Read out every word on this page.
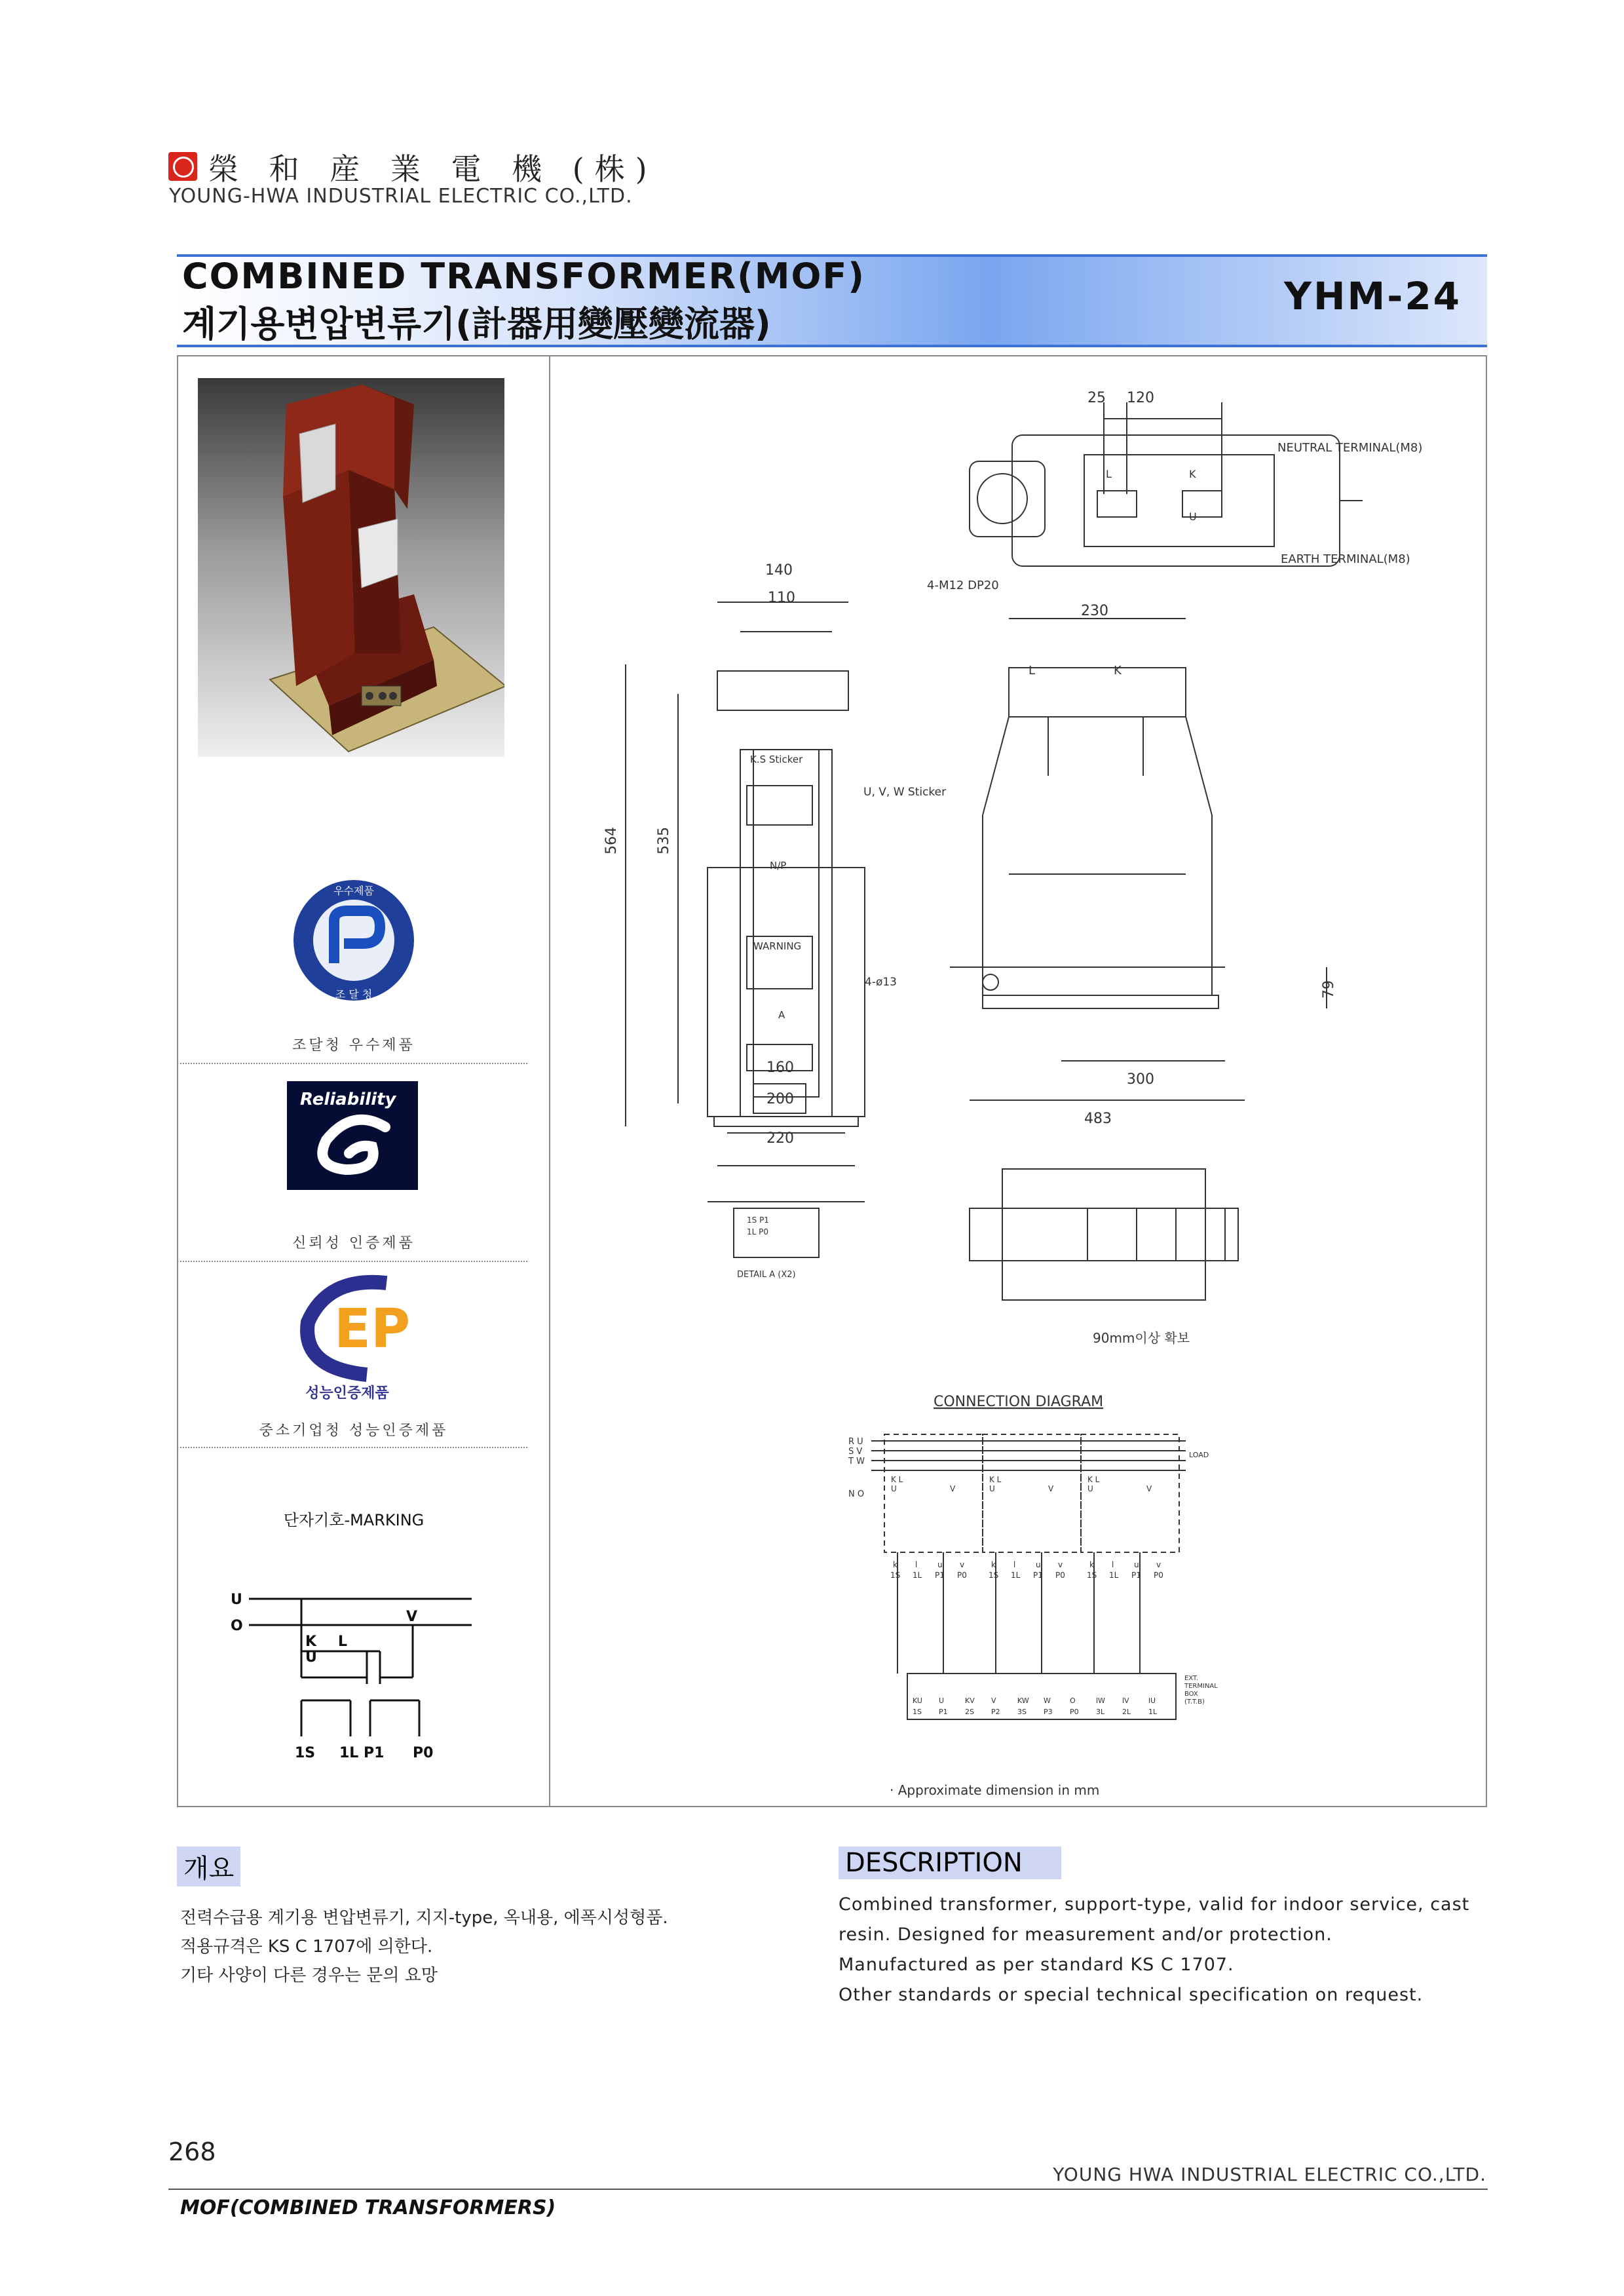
榮 和 産 業 電 機 (株)
YOUNG-HWA INDUSTRIAL ELECTRIC CO.,LTD.
COMBINED TRANSFORMER(MOF)
계기용변압변류기(計器用變壓變流器)
YHM-24
우수제품
조 달 청
조달청 우수제품
Reliability
신뢰성 인증제품
EP
성능인증제품
중소기업청 성능인증제품
단자기호-MARKING
U
O
K L
U
V
1S 1L P1 P0
25 120
NEUTRAL TERMINAL(M8)
EARTH TERMINAL(M8)
4-M12 DP20
L	K
U
140
110
564	535
K.S Sticker
U, V, W Sticker
N/P
WARNING
4-ø13
A
160
200
220
230
L	K
79
300
483
1S P1
1L P0
DETAIL A (X2)
90mm이상 확보
CONNECTION DIAGRAM
R U
S V
T W
N O
LOAD
EXT.
TERMINAL
BOX
(T.T.B)
· Approximate dimension in mm
K L
U	V
k l	u v
1S 1L P1 P0
K L
U	V
k l	u v
1S 1L P1 P0
K L
U	V
k l	u v
1S 1L P1 P0
KU U	KV V	KW W	O	lW lV	lU
1S P1 2S P2 3S P3 P0 3L 2L 1L
개요
전력수급용 계기용 변압변류기, 지지-type, 옥내용, 에폭시성형품.
적용규격은 KS C 1707에 의한다.
기타 사양이 다른 경우는 문의 요망
DESCRIPTION
Combined transformer, support-type, valid for indoor service, cast
resin. Designed for measurement and/or protection.
Manufactured as per standard KS C 1707.
Other standards or special technical specification on request.
268
YOUNG HWA INDUSTRIAL ELECTRIC CO.,LTD.
MOF(COMBINED TRANSFORMERS)
